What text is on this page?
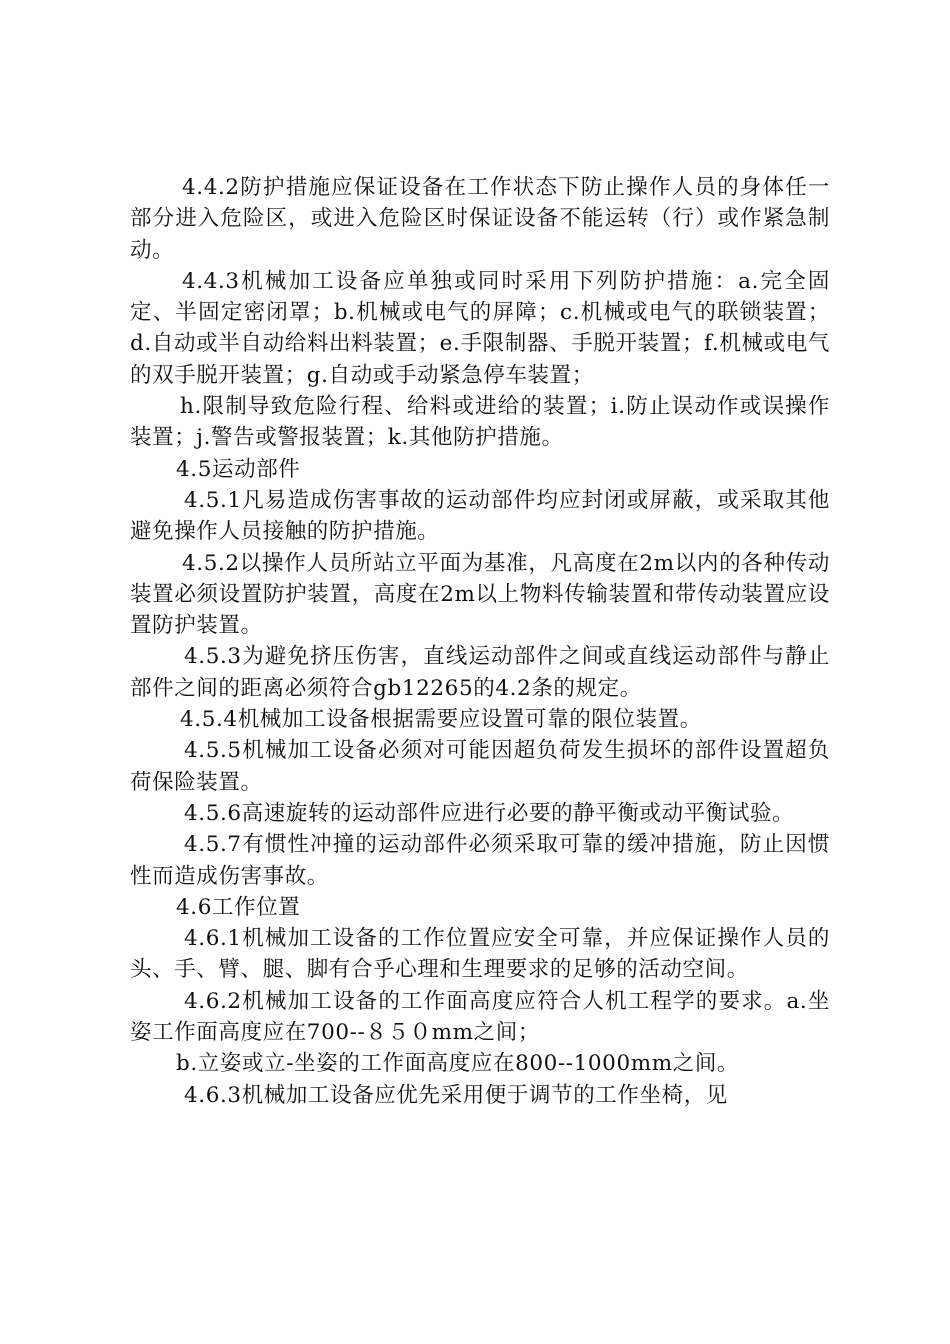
4.4.2防护措施应保证设备在工作状态下防止操作人员的身体任一部分进入危险区，或进入危险区时保证设备不能运转（行）或作紧急制动。

4.4.3机械加工设备应单独或同时采用下列防护措施：a.完全固定、半固定密闭罩；b.机械或电气的屏障；c.机械或电气的联锁装置；d.自动或半自动给料出料装置；e.手限制器、手脱开装置；f.机械或电气的双手脱开装置；g.自动或手动紧急停车装置；

h.限制导致危险行程、给料或进给的装置；i.防止误动作或误操作装置；j.警告或警报装置；k.其他防护措施。

4.5运动部件

4.5.1凡易造成伤害事故的运动部件均应封闭或屏蔽，或采取其他避免操作人员接触的防护措施。

4.5.2以操作人员所站立平面为基准，凡高度在2m以内的各种传动装置必须设置防护装置，高度在2m以上物料传输装置和带传动装置应设置防护装置。

4.5.3为避免挤压伤害，直线运动部件之间或直线运动部件与静止部件之间的距离必须符合gb12265的4.2条的规定。

4.5.4机械加工设备根据需要应设置可靠的限位装置。

4.5.5机械加工设备必须对可能因超负荷发生损坏的部件设置超负荷保险装置。

4.5.6高速旋转的运动部件应进行必要的静平衡或动平衡试验。

4.5.7有惯性冲撞的运动部件必须采取可靠的缓冲措施，防止因惯性而造成伤害事故。

4.6工作位置

4.6.1机械加工设备的工作位置应安全可靠，并应保证操作人员的头、手、臂、腿、脚有合乎心理和生理要求的足够的活动空间。

4.6.2机械加工设备的工作面高度应符合人机工程学的要求。a.坐姿工作面高度应在700--８５０mm之间；

b.立姿或立-坐姿的工作面高度应在800--1000mm之间。

4.6.3机械加工设备应优先采用便于调节的工作坐椅，见
